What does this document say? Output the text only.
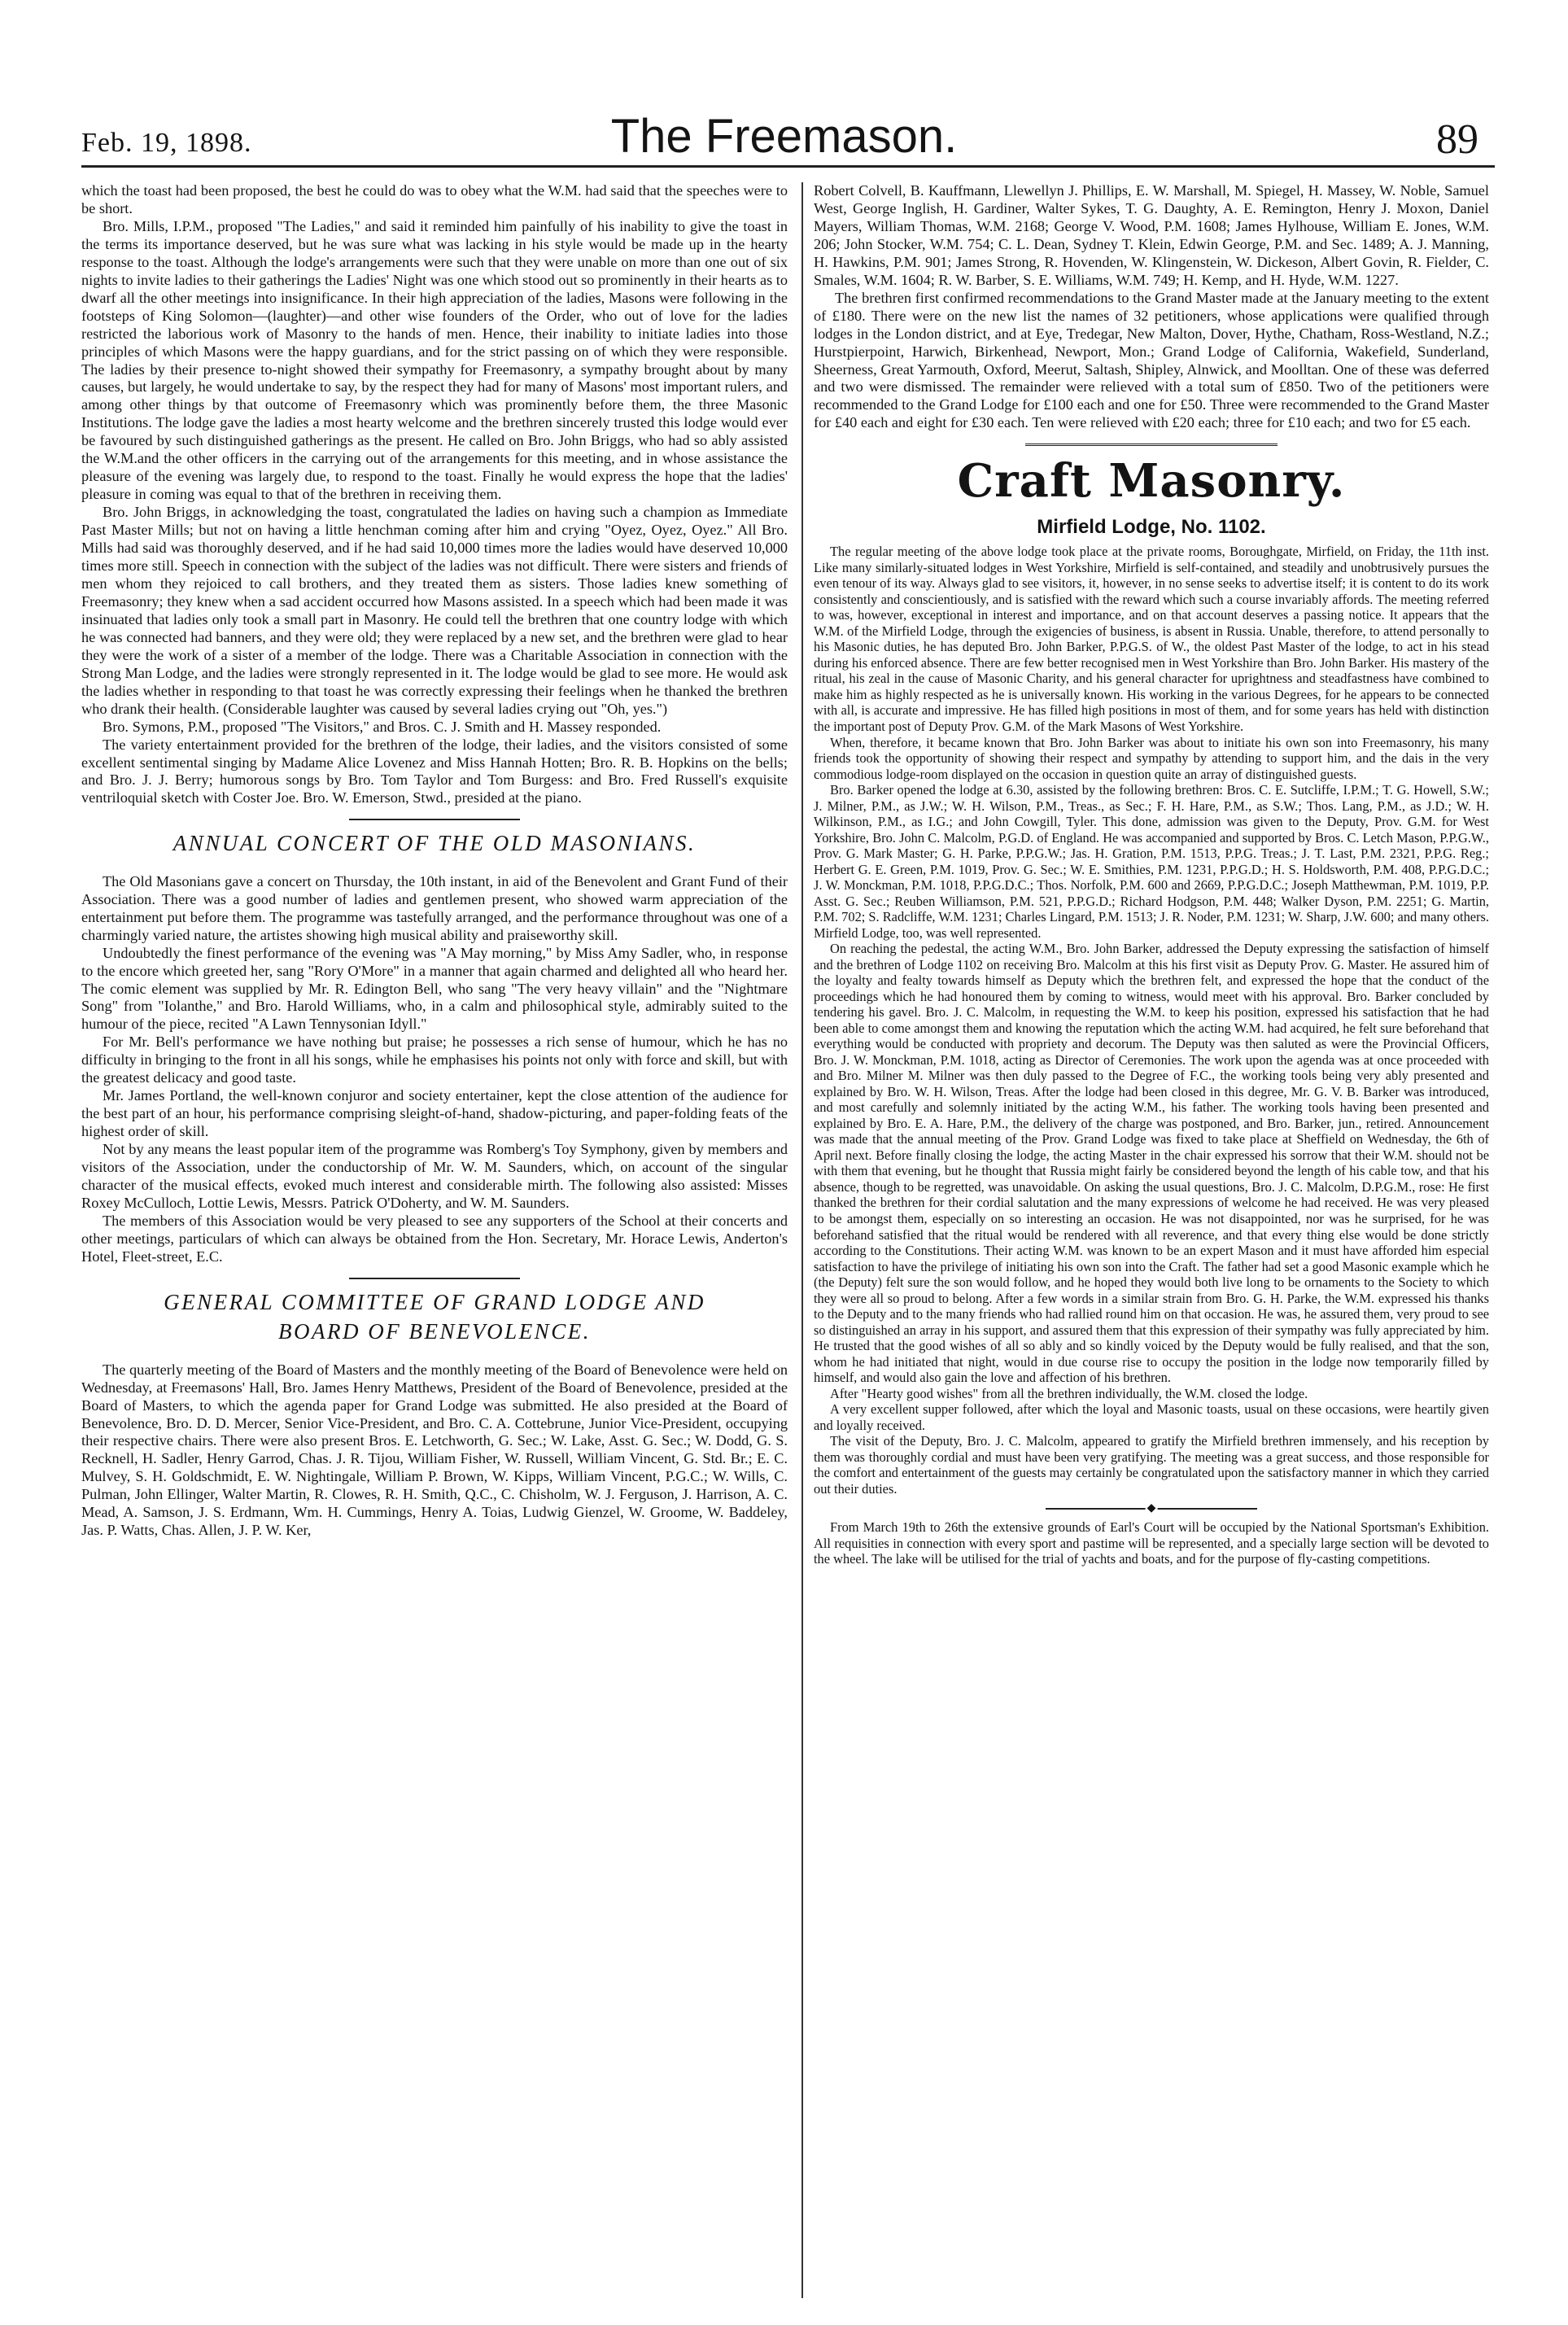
Feb. 19, 1898.	The Freemason.	89

which the toast had been proposed, the best he could do was to obey what the W.M. had said that the speeches were to be short.

Bro. Mills, I.P.M., proposed "The Ladies," and said it reminded him painfully of his inability to give the toast in the terms its importance deserved, but he was sure what was lacking in his style would be made up in the hearty response to the toast. Although the lodge's arrangements were such that they were unable on more than one out of six nights to invite ladies to their gatherings the Ladies' Night was one which stood out so prominently in their hearts as to dwarf all the other meetings into insignificance. In their high appreciation of the ladies, Masons were following in the footsteps of King Solomon—(laughter)—and other wise founders of the Order, who out of love for the ladies restricted the laborious work of Masonry to the hands of men. Hence, their inability to initiate ladies into those principles of which Masons were the happy guardians, and for the strict passing on of which they were responsible. The ladies by their presence to-night showed their sympathy for Freemasonry, a sympathy brought about by many causes, but largely, he would undertake to say, by the respect they had for many of Masons' most important rulers, and among other things by that outcome of Freemasonry which was prominently before them, the three Masonic Institutions. The lodge gave the ladies a most hearty welcome and the brethren sincerely trusted this lodge would ever be favoured by such distinguished gatherings as the present. He called on Bro. John Briggs, who had so ably assisted the W.M.and the other officers in the carrying out of the arrangements for this meeting, and in whose assistance the pleasure of the evening was largely due, to respond to the toast. Finally he would express the hope that the ladies' pleasure in coming was equal to that of the brethren in receiving them.

Bro. John Briggs, in acknowledging the toast, congratulated the ladies on having such a champion as Immediate Past Master Mills; but not on having a little henchman coming after him and crying "Oyez, Oyez, Oyez." All Bro. Mills had said was thoroughly deserved, and if he had said 10,000 times more the ladies would have deserved 10,000 times more still. Speech in connection with the subject of the ladies was not difficult. There were sisters and friends of men whom they rejoiced to call brothers, and they treated them as sisters. Those ladies knew something of Freemasonry; they knew when a sad accident occurred how Masons assisted. In a speech which had been made it was insinuated that ladies only took a small part in Masonry. He could tell the brethren that one country lodge with which he was connected had banners, and they were old; they were replaced by a new set, and the brethren were glad to hear they were the work of a sister of a member of the lodge. There was a Charitable Association in connection with the Strong Man Lodge, and the ladies were strongly represented in it. The lodge would be glad to see more. He would ask the ladies whether in responding to that toast he was correctly expressing their feelings when he thanked the brethren who drank their health. (Considerable laughter was caused by several ladies crying out "Oh, yes.")

Bro. Symons, P.M., proposed "The Visitors," and Bros. C. J. Smith and H. Massey responded.

The variety entertainment provided for the brethren of the lodge, their ladies, and the visitors consisted of some excellent sentimental singing by Madame Alice Lovenez and Miss Hannah Hotten; Bro. R. B. Hopkins on the bells; and Bro. J. J. Berry; humorous songs by Bro. Tom Taylor and Tom Burgess: and Bro. Fred Russell's exquisite ventriloquial sketch with Coster Joe. Bro. W. Emerson, Stwd., presided at the piano.

ANNUAL CONCERT OF THE OLD MASONIANS.

The Old Masonians gave a concert on Thursday, the 10th instant, in aid of the Benevolent and Grant Fund of their Association. There was a good number of ladies and gentlemen present, who showed warm appreciation of the entertainment put before them. The programme was tastefully arranged, and the performance throughout was one of a charmingly varied nature, the artistes showing high musical ability and praiseworthy skill.

Undoubtedly the finest performance of the evening was "A May morning," by Miss Amy Sadler, who, in response to the encore which greeted her, sang "Rory O'More" in a manner that again charmed and delighted all who heard her. The comic element was supplied by Mr. R. Edington Bell, who sang "The very heavy villain" and the "Nightmare Song" from "Iolanthe," and Bro. Harold Williams, who, in a calm and philosophical style, admirably suited to the humour of the piece, recited "A Lawn Tennysonian Idyll."

For Mr. Bell's performance we have nothing but praise; he possesses a rich sense of humour, which he has no difficulty in bringing to the front in all his songs, while he emphasises his points not only with force and skill, but with the greatest delicacy and good taste.

Mr. James Portland, the well-known conjuror and society entertainer, kept the close attention of the audience for the best part of an hour, his performance comprising sleight-of-hand, shadow-picturing, and paper-folding feats of the highest order of skill.

Not by any means the least popular item of the programme was Romberg's Toy Symphony, given by members and visitors of the Association, under the conductorship of Mr. W. M. Saunders, which, on account of the singular character of the musical effects, evoked much interest and considerable mirth. The following also assisted: Misses Roxey McCulloch, Lottie Lewis, Messrs. Patrick O'Doherty, and W. M. Saunders.

The members of this Association would be very pleased to see any supporters of the School at their concerts and other meetings, particulars of which can always be obtained from the Hon. Secretary, Mr. Horace Lewis, Anderton's Hotel, Fleet-street, E.C.

GENERAL COMMITTEE OF GRAND LODGE AND
BOARD OF BENEVOLENCE.

The quarterly meeting of the Board of Masters and the monthly meeting of the Board of Benevolence were held on Wednesday, at Freemasons' Hall, Bro. James Henry Matthews, President of the Board of Benevolence, presided at the Board of Masters, to which the agenda paper for Grand Lodge was submitted. He also presided at the Board of Benevolence, Bro. D. D. Mercer, Senior Vice-President, and Bro. C. A. Cottebrune, Junior Vice-President, occupying their respective chairs. There were also present Bros. E. Letchworth, G. Sec.; W. Lake, Asst. G. Sec.; W. Dodd, G. S. Recknell, H. Sadler, Henry Garrod, Chas. J. R. Tijou, William Fisher, W. Russell, William Vincent, G. Std. Br.; E. C. Mulvey, S. H. Goldschmidt, E. W. Nightingale, William P. Brown, W. Kipps, William Vincent, P.G.C.; W. Wills, C. Pulman, John Ellinger, Walter Martin, R. Clowes, R. H. Smith, Q.C., C. Chisholm, W. J. Ferguson, J. Harrison, A. C. Mead, A. Samson, J. S. Erdmann, Wm. H. Cummings, Henry A. Toias, Ludwig Gienzel, W. Groome, W. Baddeley, Jas. P. Watts, Chas. Allen, J. P. W. Ker,

Robert Colvell, B. Kauffmann, Llewellyn J. Phillips, E. W. Marshall, M. Spiegel, H. Massey, W. Noble, Samuel West, George Inglish, H. Gardiner, Walter Sykes, T. G. Daughty, A. E. Remington, Henry J. Moxon, Daniel Mayers, William Thomas, W.M. 2168; George V. Wood, P.M. 1608; James Hylhouse, William E. Jones, W.M. 206; John Stocker, W.M. 754; C. L. Dean, Sydney T. Klein, Edwin George, P.M. and Sec. 1489; A. J. Manning, H. Hawkins, P.M. 901; James Strong, R. Hovenden, W. Klingenstein, W. Dickeson, Albert Govin, R. Fielder, C. Smales, W.M. 1604; R. W. Barber, S. E. Williams, W.M. 749; H. Kemp, and H. Hyde, W.M. 1227.

The brethren first confirmed recommendations to the Grand Master made at the January meeting to the extent of £180. There were on the new list the names of 32 petitioners, whose applications were qualified through lodges in the London district, and at Eye, Tredegar, New Malton, Dover, Hythe, Chatham, Ross-Westland, N.Z.; Hurstpierpoint, Harwich, Birkenhead, Newport, Mon.; Grand Lodge of California, Wakefield, Sunderland, Sheerness, Great Yarmouth, Oxford, Meerut, Saltash, Shipley, Alnwick, and Moolltan. One of these was deferred and two were dismissed. The remainder were relieved with a total sum of £850. Two of the petitioners were recommended to the Grand Lodge for £100 each and one for £50. Three were recommended to the Grand Master for £40 each and eight for £30 each. Ten were relieved with £20 each; three for £10 each; and two for £5 each.

Craft Masonry.
Mirfield Lodge, No. 1102.

The regular meeting of the above lodge took place at the private rooms, Boroughgate, Mirfield, on Friday, the 11th inst. Like many similarly-situated lodges in West Yorkshire, Mirfield is self-contained, and steadily and unobtrusively pursues the even tenour of its way. Always glad to see visitors, it, however, in no sense seeks to advertise itself; it is content to do its work consistently and conscientiously, and is satisfied with the reward which such a course invariably affords. The meeting referred to was, however, exceptional in interest and importance, and on that account deserves a passing notice. It appears that the W.M. of the Mirfield Lodge, through the exigencies of business, is absent in Russia. Unable, therefore, to attend personally to his Masonic duties, he has deputed Bro. John Barker, P.P.G.S. of W., the oldest Past Master of the lodge, to act in his stead during his enforced absence. There are few better recognised men in West Yorkshire than Bro. John Barker. His mastery of the ritual, his zeal in the cause of Masonic Charity, and his general character for uprightness and steadfastness have combined to make him as highly respected as he is universally known. His working in the various Degrees, for he appears to be connected with all, is accurate and impressive. He has filled high positions in most of them, and for some years has held with distinction the important post of Deputy Prov. G.M. of the Mark Masons of West Yorkshire.

When, therefore, it became known that Bro. John Barker was about to initiate his own son into Freemasonry, his many friends took the opportunity of showing their respect and sympathy by attending to support him, and the dais in the very commodious lodge-room displayed on the occasion in question quite an array of distinguished guests.

Bro. Barker opened the lodge at 6.30, assisted by the following brethren: Bros. C. E. Sutcliffe, I.P.M.; T. G. Howell, S.W.; J. Milner, P.M., as J.W.; W. H. Wilson, P.M., Treas., as Sec.; F. H. Hare, P.M., as S.W.; Thos. Lang, P.M., as J.D.; W. H. Wilkinson, P.M., as I.G.; and John Cowgill, Tyler. This done, admission was given to the Deputy, Prov. G.M. for West Yorkshire, Bro. John C. Malcolm, P.G.D. of England. He was accompanied and supported by Bros. C. Letch Mason, P.P.G.W., Prov. G. Mark Master; G. H. Parke, P.P.G.W.; Jas. H. Gration, P.M. 1513, P.P.G. Treas.; J. T. Last, P.M. 2321, P.P.G. Reg.; Herbert G. E. Green, P.M. 1019, Prov. G. Sec.; W. E. Smithies, P.M. 1231, P.P.G.D.; H. S. Holdsworth, P.M. 408, P.P.G.D.C.; J. W. Monckman, P.M. 1018, P.P.G.D.C.; Thos. Norfolk, P.M. 600 and 2669, P.P.G.D.C.; Joseph Matthewman, P.M. 1019, P.P. Asst. G. Sec.; Reuben Williamson, P.M. 521, P.P.G.D.; Richard Hodgson, P.M. 448; Walker Dyson, P.M. 2251; G. Martin, P.M. 702; S. Radcliffe, W.M. 1231; Charles Lingard, P.M. 1513; J. R. Noder, P.M. 1231; W. Sharp, J.W. 600; and many others. Mirfield Lodge, too, was well represented.

On reaching the pedestal, the acting W.M., Bro. John Barker, addressed the Deputy expressing the satisfaction of himself and the brethren of Lodge 1102 on receiving Bro. Malcolm at this his first visit as Deputy Prov. G. Master. He assured him of the loyalty and fealty towards himself as Deputy which the brethren felt, and expressed the hope that the conduct of the proceedings which he had honoured them by coming to witness, would meet with his approval. Bro. Barker concluded by tendering his gavel. Bro. J. C. Malcolm, in requesting the W.M. to keep his position, expressed his satisfaction that he had been able to come amongst them and knowing the reputation which the acting W.M. had acquired, he felt sure beforehand that everything would be conducted with propriety and decorum. The Deputy was then saluted as were the Provincial Officers, Bro. J. W. Monckman, P.M. 1018, acting as Director of Ceremonies. The work upon the agenda was at once proceeded with and Bro. Milner M. Milner was then duly passed to the Degree of F.C., the working tools being very ably presented and explained by Bro. W. H. Wilson, Treas. After the lodge had been closed in this degree, Mr. G. V. B. Barker was introduced, and most carefully and solemnly initiated by the acting W.M., his father. The working tools having been presented and explained by Bro. E. A. Hare, P.M., the delivery of the charge was postponed, and Bro. Barker, jun., retired. Announcement was made that the annual meeting of the Prov. Grand Lodge was fixed to take place at Sheffield on Wednesday, the 6th of April next. Before finally closing the lodge, the acting Master in the chair expressed his sorrow that their W.M. should not be with them that evening, but he thought that Russia might fairly be considered beyond the length of his cable tow, and that his absence, though to be regretted, was unavoidable. On asking the usual questions, Bro. J. C. Malcolm, D.P.G.M., rose: He first thanked the brethren for their cordial salutation and the many expressions of welcome he had received. He was very pleased to be amongst them, especially on so interesting an occasion. He was not disappointed, nor was he surprised, for he was beforehand satisfied that the ritual would be rendered with all reverence, and that every thing else would be done strictly according to the Constitutions. Their acting W.M. was known to be an expert Mason and it must have afforded him especial satisfaction to have the privilege of initiating his own son into the Craft. The father had set a good Masonic example which he (the Deputy) felt sure the son would follow, and he hoped they would both live long to be ornaments to the Society to which they were all so proud to belong. After a few words in a similar strain from Bro. G. H. Parke, the W.M. expressed his thanks to the Deputy and to the many friends who had rallied round him on that occasion. He was, he assured them, very proud to see so distinguished an array in his support, and assured them that this expression of their sympathy was fully appreciated by him. He trusted that the good wishes of all so ably and so kindly voiced by the Deputy would be fully realised, and that the son, whom he had initiated that night, would in due course rise to occupy the position in the lodge now temporarily filled by himself, and would also gain the love and affection of his brethren.

After "Hearty good wishes" from all the brethren individually, the W.M. closed the lodge.

A very excellent supper followed, after which the loyal and Masonic toasts, usual on these occasions, were heartily given and loyally received.

The visit of the Deputy, Bro. J. C. Malcolm, appeared to gratify the Mirfield brethren immensely, and his reception by them was thoroughly cordial and must have been very gratifying. The meeting was a great success, and those responsible for the comfort and entertainment of the guests may certainly be congratulated upon the satisfactory manner in which they carried out their duties.

◆

From March 19th to 26th the extensive grounds of Earl's Court will be occupied by the National Sportsman's Exhibition. All requisities in connection with every sport and pastime will be represented, and a specially large section will be devoted to the wheel. The lake will be utilised for the trial of yachts and boats, and for the purpose of fly-casting competitions.
